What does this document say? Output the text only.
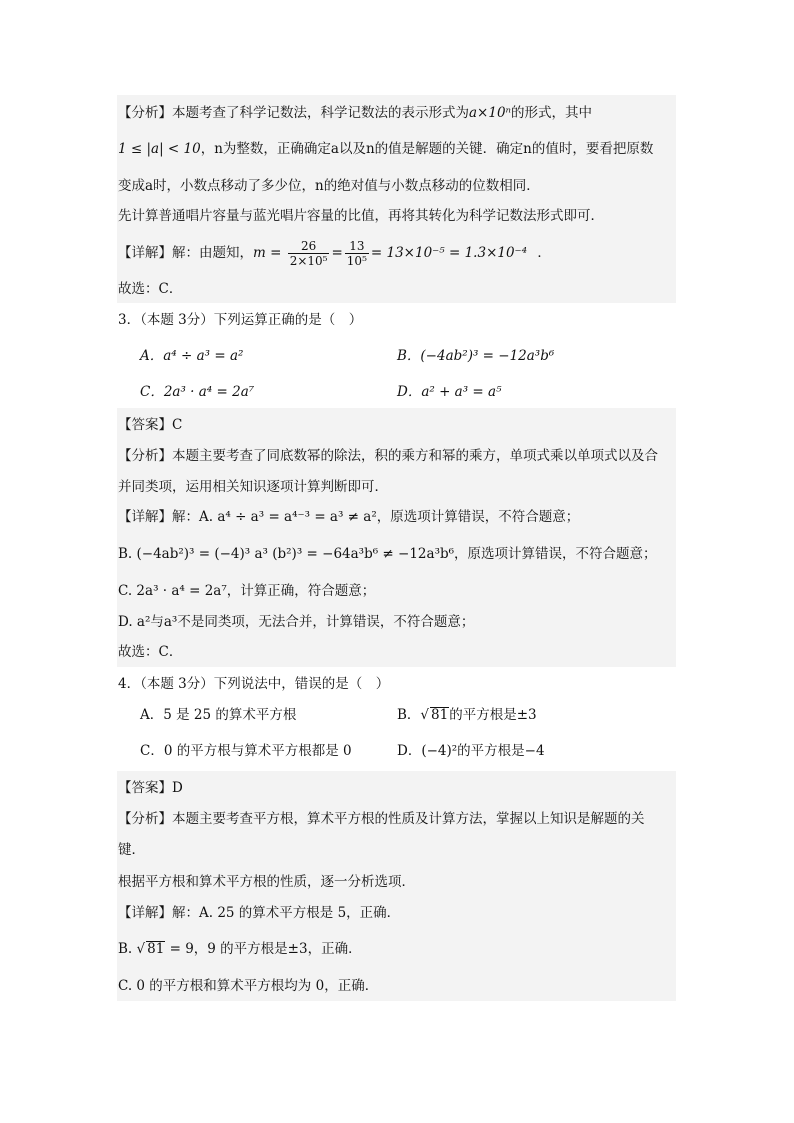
【分析】本题考查了科学记数法，科学记数法的表示形式为a×10ⁿ的形式，其中
1 ≤ |a| < 10，n为整数，正确确定a以及n的值是解题的关键．确定n的值时，要看把原数
变成a时，小数点移动了多少位，n的绝对值与小数点移动的位数相同．
先计算普通唱片容量与蓝光唱片容量的比值，再将其转化为科学记数法形式即可．
【详解】解：由题知，$m = \frac{26}{\text{2×10⁵}} = \frac{13}{\text{10⁵}} = 13\times 10^{-5} = 1.3\times 10^{-4}$ ．
故选：C．
3．（本题 3分）下列运算正确的是（　）
A．a⁴ ÷ a³ = a²	B．(−4ab²)³ = −12a³b⁶
C．2a³ · a⁴ = 2a⁷	D．a² + a³ = a⁵
【答案】C
【分析】本题主要考查了同底数幂的除法，积的乘方和幂的乘方，单项式乘以单项式以及合
并同类项，运用相关知识逐项计算判断即可．
【详解】解：A. a⁴ ÷ a³ = a⁴⁻³ = a³ ≠ a²，原选项计算错误，不符合题意；
B. (−4ab²)³ = (−4)³ a³ (b²)³ = −64a³b⁶ ≠ −12a³b⁶，原选项计算错误，不符合题意；
C. 2a³ · a⁴ = 2a⁷，计算正确，符合题意；
D. a²与a³不是同类项，无法合并，计算错误，不符合题意；
故选：C．
4．（本题 3分）下列说法中，错误的是（　）
A．5 是 25 的算术平方根	B．√ 81的平方根是±3
C．0 的平方根与算术平方根都是 0	D．(−4)²的平方根是−4
【答案】D
【分析】本题主要考查平方根，算术平方根的性质及计算方法，掌握以上知识是解题的关
键．
根据平方根和算术平方根的性质，逐一分析选项．
【详解】解：A. 25 的算术平方根是 5，正确．
B. √ 81 = 9，9 的平方根是±3，正确．
C. 0 的平方根和算术平方根均为 0，正确．
